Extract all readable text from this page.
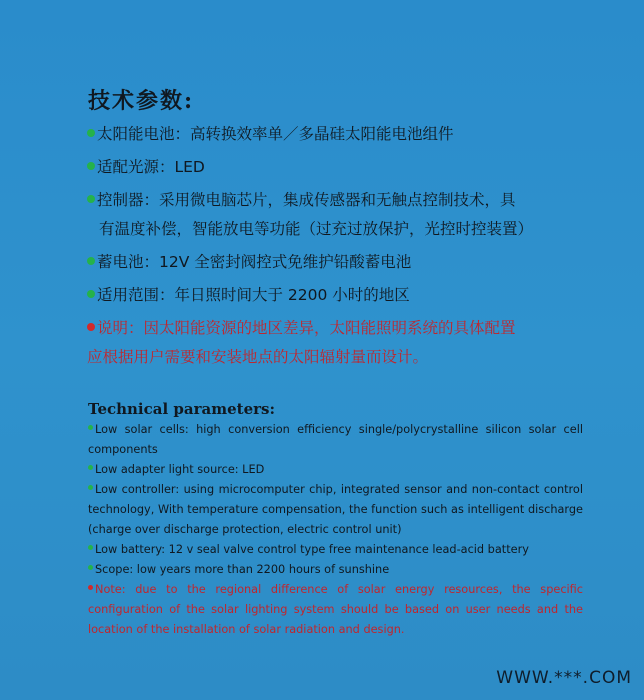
技术参数:
太阳能电池：高转换效率单／多晶硅太阳能电池组件
适配光源：LED
控制器：采用微电脑芯片，集成传感器和无触点控制技术，具
有温度补偿，智能放电等功能（过充过放保护，光控时控装置）
蓄电池：12V 全密封阀控式免维护铅酸蓄电池
适用范围：年日照时间大于 2200 小时的地区
说明：因太阳能资源的地区差异，太阳能照明系统的具体配置
应根据用户需要和安装地点的太阳辐射量而设计。
Technical parameters:
Low solar cells: high conversion efficiency single/polycrystalline silicon solar cell components
Low adapter light source: LED
Low controller: using microcomputer chip, integrated sensor and non-contact control technology, With temperature compensation, the function such as intelligent discharge (charge over discharge protection, electric control unit)
Low battery: 12 v seal valve control type free maintenance lead-acid battery
Scope: low years more than 2200 hours of sunshine
Note: due to the regional difference of solar energy resources, the specific configuration of the solar lighting system should be based on user needs and the location of the installation of solar radiation and design.
WWW.***.COM
